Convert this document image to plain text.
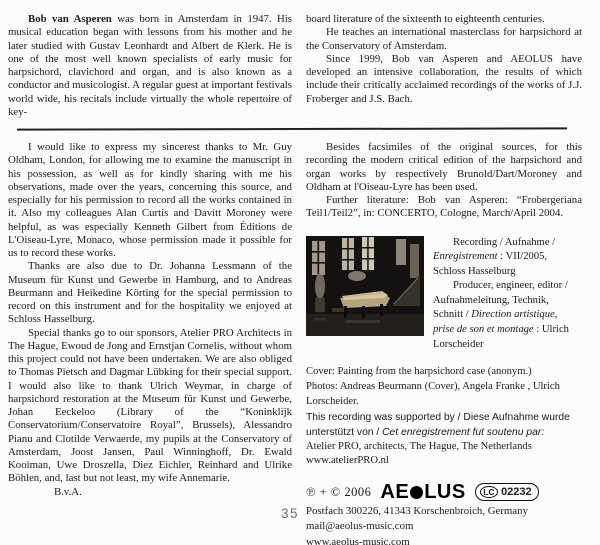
Bob van Asperen was born in Amsterdam in 1947. His musical education began with lessons from his mother and he later studied with Gustav Leonhardt and Albert de Klerk. He is one of the most well known specialists of early music for harpsichord, clavichord and organ, and is also known as a conductor and musicologist. A regular guest at important festivals world wide, his recitals include virtually the whole repertoire of key-

board literature of the sixteenth to eighteenth centuries.

He teaches an international masterclass for harpsichord at the Conservatory of Amsterdam.

Since 1999, Bob van Asperen and AEOLUS have developed an intensive collaboration, the results of which include their critically acclaimed recordings of the works of J.J. Froberger and J.S. Bach.

I would like to express my sincerest thanks to Mr. Guy Oldham, London, for allowing me to examine the manuscript in his possession, as well as for kindly sharing with me his observations, made over the years, concerning this source, and especially for his permission to record all the works contained in it. Also my colleagues Alan Curtis and Davitt Moroney were helpful, as was especially Kenneth Gilbert from Éditions de L'Oiseau-Lyre, Monaco, whose permission made it possible for us to record these works.

Thanks are also due to Dr. Johanna Lessmann of the Museum für Kunst und Gewerbe in Hamburg, and to Andreas Beurmann and Heikedine Körting for the special permission to record on this instrument and for the hospitality we enjoyed at Schloss Hasselburg.

Special thanks go to our sponsors, Atelier PRO Architects in The Hague, Ewoud de Jong and Ernstjan Cornelis, without whom this project could not have been undertaken. We are also obliged to Thomas Pietsch and Dagmar Lübking for their special support. I would also like to thank Ulrich Weymar, in charge of harpsichord restoration at the Museum für Kunst und Gewerbe, Johan Eeckeloo (Library of the “Koninklijk Conservatorium/Conservatoire Royal”, Brussels), Alessandro Pianu and Clotilde Verwaerde, my pupils at the Conservatory of Amsterdam, Joost Jansen, Paul Winninghoff, Dr. Ewald Kooiman, Uwe Droszella, Diez Eichler, Reinhard and Ulrike Böhlen, and, last but not least, my wife Annemarie.

B.v.A.

Besides facsimiles of the original sources, for this recording the modern critical edition of the harpsichord and organ works by respectively Brunold/Dart/Moroney and Oldham at l'Oiseau-Lyre has been used.

Further literature: Bob van Asperen: “Frobergeriana Teil1/Teil2”, in: CONCERTO, Cologne, March/April 2004.

Recording / Aufnahme / Enregistrement : VII/2005, Schloss Hasselburg

Producer, engineer, editor / Aufnahmeleitung, Technik, Schnitt / Direction artistique, prise de son et montage : Ulrich Lorscheider

Cover: Painting from the harpsichord case (anonym.)

Photos: Andreas Beurmann (Cover), Angela Franke , Ulrich Lorscheider.

This recording was supported by / Diese Aufnahme wurde unterstützt von / Cet enregistrement fut soutenu par:

Atelier PRO, architects, The Hague, The Netherlands

www.atelierPRO.nl

℗ + © 2006 AE LUS	LC 02232

Postfach 300226, 41343 Korschenbroich, Germany

mail@aeolus-music.com

www.aeolus-music.com

35
